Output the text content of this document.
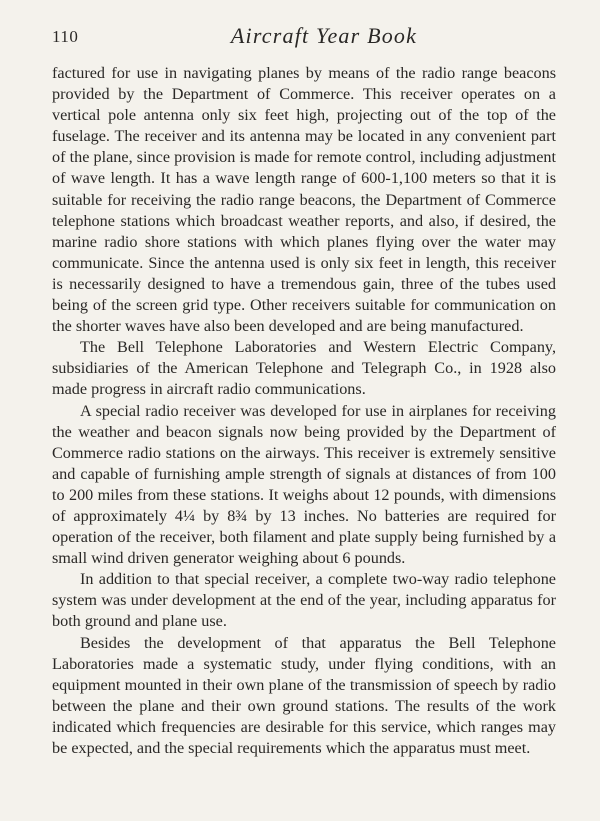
110	Aircraft Year Book

factured for use in navigating planes by means of the radio range beacons provided by the Department of Commerce. This receiver operates on a vertical pole antenna only six feet high, projecting out of the top of the fuselage. The receiver and its antenna may be located in any convenient part of the plane, since provision is made for remote control, including adjustment of wave length. It has a wave length range of 600-1,100 meters so that it is suitable for receiving the radio range beacons, the Department of Commerce telephone stations which broadcast weather reports, and also, if desired, the marine radio shore stations with which planes flying over the water may communicate. Since the antenna used is only six feet in length, this receiver is necessarily designed to have a tremendous gain, three of the tubes used being of the screen grid type. Other receivers suitable for communication on the shorter waves have also been developed and are being manufactured.

The Bell Telephone Laboratories and Western Electric Company, subsidiaries of the American Telephone and Telegraph Co., in 1928 also made progress in aircraft radio communications.

A special radio receiver was developed for use in airplanes for receiving the weather and beacon signals now being provided by the Department of Commerce radio stations on the airways. This receiver is extremely sensitive and capable of furnishing ample strength of signals at distances of from 100 to 200 miles from these stations. It weighs about 12 pounds, with dimensions of approximately 4¼ by 8¾ by 13 inches. No batteries are required for operation of the receiver, both filament and plate supply being furnished by a small wind driven generator weighing about 6 pounds.

In addition to that special receiver, a complete two-way radio telephone system was under development at the end of the year, including apparatus for both ground and plane use.

Besides the development of that apparatus the Bell Telephone Laboratories made a systematic study, under flying conditions, with an equipment mounted in their own plane of the transmission of speech by radio between the plane and their own ground stations. The results of the work indicated which frequencies are desirable for this service, which ranges may be expected, and the special requirements which the apparatus must meet.
